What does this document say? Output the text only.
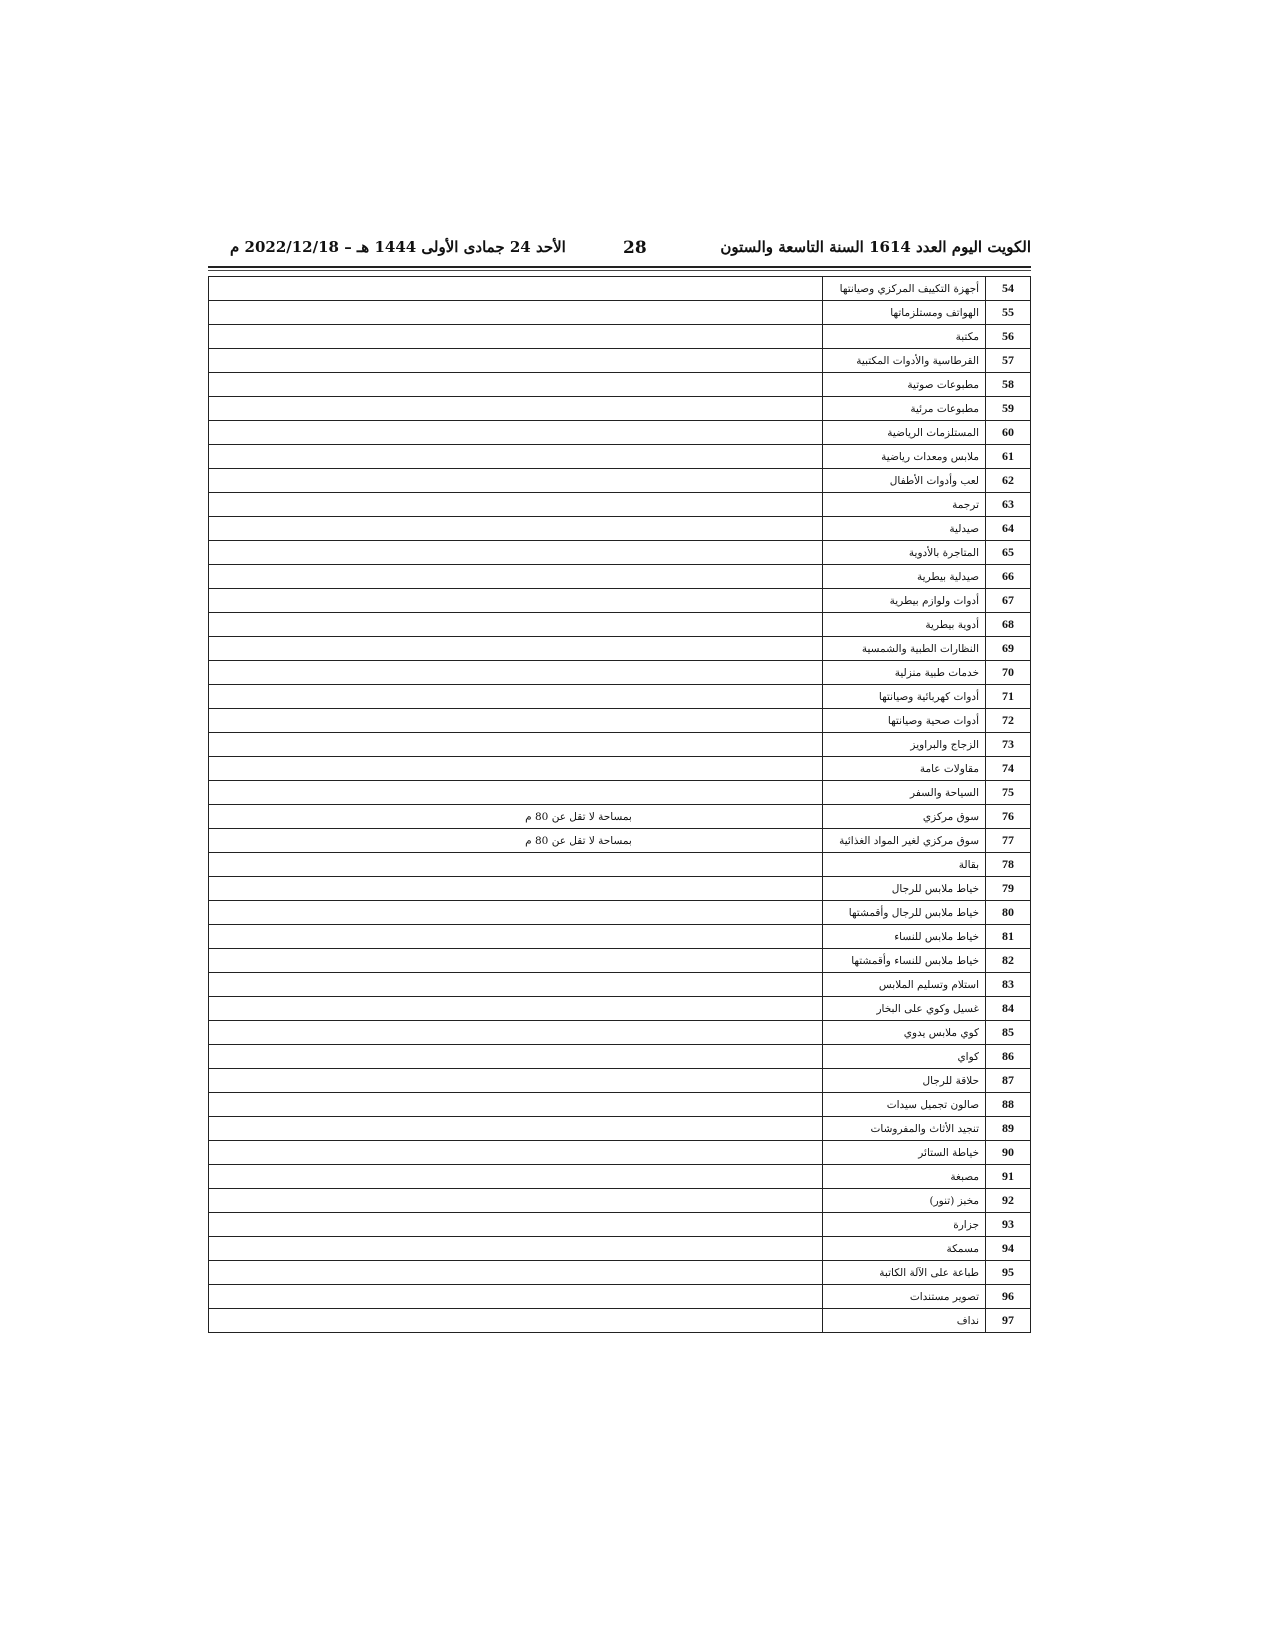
الكويت اليوم العدد 1614 السنة التاسعة والستون
28
الأحد 24 جمادى الأولى 1444 هـ – 2022/12/18 م
54	أجهزة التكييف المركزي وصيانتها	
55	الهواتف ومستلزماتها	
56	مكتبة	
57	القرطاسية والأدوات المكتبية	
58	مطبوعات صوتية	
59	مطبوعات مرئية	
60	المستلزمات الرياضية	
61	ملابس ومعدات رياضية	
62	لعب وأدوات الأطفال	
63	ترجمة	
64	صيدلية	
65	المتاجرة بالأدوية	
66	صيدلية بيطرية	
67	أدوات ولوازم بيطرية	
68	أدوية بيطرية	
69	النظارات الطبية والشمسية	
70	خدمات طبية منزلية	
71	أدوات كهربائية وصيانتها	
72	أدوات صحية وصيانتها	
73	الزجاج والبراويز	
74	مقاولات عامة	
75	السياحة والسفر	
76	سوق مركزي	بمساحة لا تقل عن 80 م
77	سوق مركزي لغير المواد الغذائية	بمساحة لا تقل عن 80 م
78	بقالة	
79	خياط ملابس للرجال	
80	خياط ملابس للرجال وأقمشتها	
81	خياط ملابس للنساء	
82	خياط ملابس للنساء وأقمشتها	
83	استلام وتسليم الملابس	
84	غسيل وكوي على البخار	
85	كوي ملابس يدوي	
86	كواي	
87	حلاقة للرجال	
88	صالون تجميل سيدات	
89	تنجيد الأثاث والمفروشات	
90	خياطة الستائر	
91	مصبغة	
92	مخبز (تنور)	
93	جزارة	
94	مسمكة	
95	طباعة على الآلة الكاتبة	
96	تصوير مستندات	
97	نداف	
